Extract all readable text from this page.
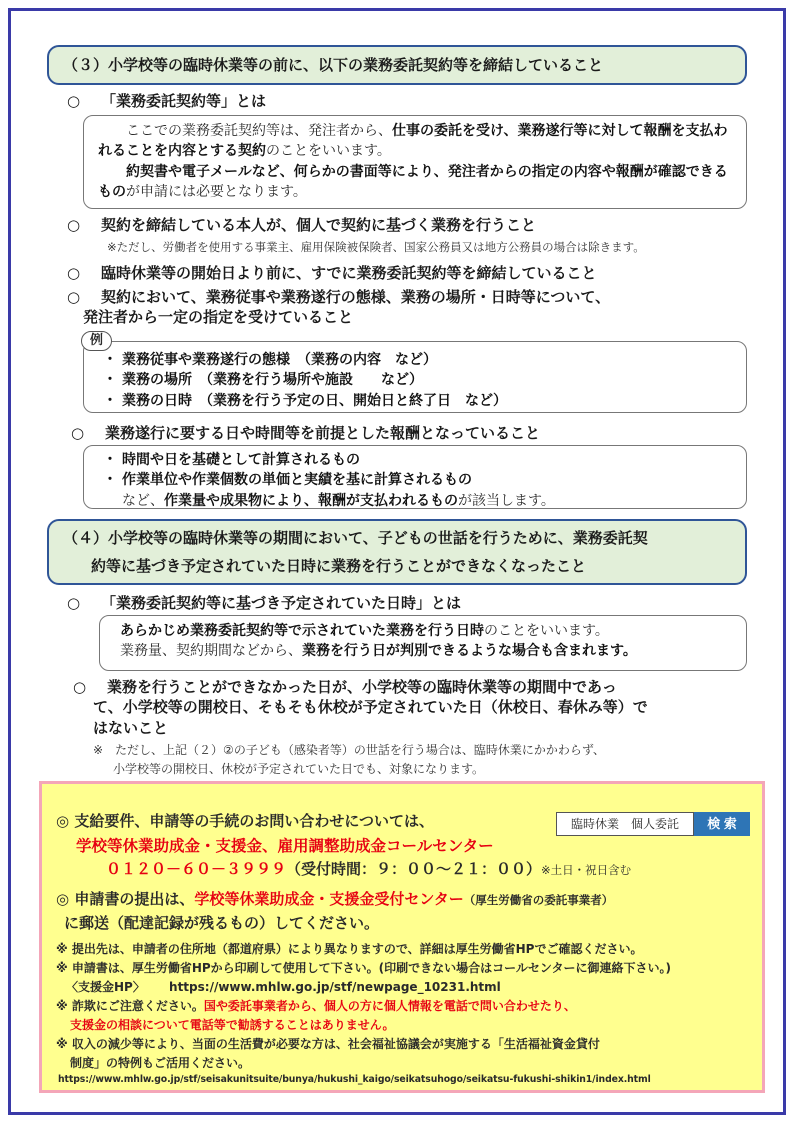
（３）小学校等の臨時休業等の前に、以下の業務委託契約等を締結していること
○ 「業務委託契約等」とは
ここでの業務委託契約等は、発注者から、仕事の委託を受け、業務遂行等に対して報酬を支払われることを内容とする契約のことをいいます。
約契書や電子メールなど、何らかの書面等により、発注者からの指定の内容や報酬が確認できるものが申請には必要となります。
○ 契約を締結している本人が、個人で契約に基づく業務を行うこと
※ただし、労働者を使用する事業主、雇用保険被保険者、国家公務員又は地方公務員の場合は除きます。
○ 臨時休業等の開始日より前に、すでに業務委託契約等を締結していること
○ 契約において、業務従事や業務遂行の態様、業務の場所・日時等について、
発注者から一定の指定を受けていること
・ 業務従事や業務遂行の態様　（業務の内容　など）
・ 業務の場所　（業務を行う場所や施設　　など）
・ 業務の日時　（業務を行う予定の日、開始日と終了日　など）
例
○ 業務遂行に要する日や時間等を前提とした報酬となっていること
・ 時間や日を基礎として計算されるもの
・ 作業単位や作業個数の単価と実績を基に計算されるもの
など、作業量や成果物により、報酬が支払われるものが該当します。
（４）小学校等の臨時休業等の期間において、子どもの世話を行うために、業務委託契
約等に基づき予定されていた日時に業務を行うことができなくなったこと
○ 「業務委託契約等に基づき予定されていた日時」とは
あらかじめ業務委託契約等で示されていた業務を行う日時のことをいいます。
業務量、契約期間などから、業務を行う日が判別できるような場合も含まれます。
○ 業務を行うことができなかった日が、小学校等の臨時休業等の期間中であっ
て、小学校等の開校日、そもそも休校が予定されていた日（休校日、春休み等）で
はないこと
※　ただし、上記（２）②の子ども（感染者等）の世話を行う場合は、臨時休業にかかわらず、
小学校等の開校日、休校が予定されていた日でも、対象になります。
臨時休業　個人委託	検 索
◎ 支給要件、申請等の手続のお問い合わせについては、
学校等休業助成金・支援金、雇用調整助成金コールセンター
０１２０－６０－３９９９（受付時間：９：００～２１：００）※土日・祝日含む
◎ 申請書の提出は、学校等休業助成金・支援金受付センター（厚生労働省の委託事業者）
に郵送（配達記録が残るもの）してください。
※ 提出先は、申請者の住所地（都道府県）により異なりますので、詳細は厚生労働省HPでご確認ください。
※ 申請書は、厚生労働省HPから印刷して使用して下さい。(印刷できない場合はコールセンターに御連絡下さい。)
〈支援金HP〉 https://www.mhlw.go.jp/stf/newpage_10231.html
※ 詐欺にご注意ください。国や委託事業者から、個人の方に個人情報を電話で問い合わせたり、
支援金の相談について電話等で勧誘することはありません。
※ 収入の減少等により、当面の生活費が必要な方は、社会福祉協議会が実施する「生活福祉資金貸付
制度」の特例もご活用ください。
https://www.mhlw.go.jp/stf/seisakunitsuite/bunya/hukushi_kaigo/seikatsuhogo/seikatsu-fukushi-shikin1/index.html
